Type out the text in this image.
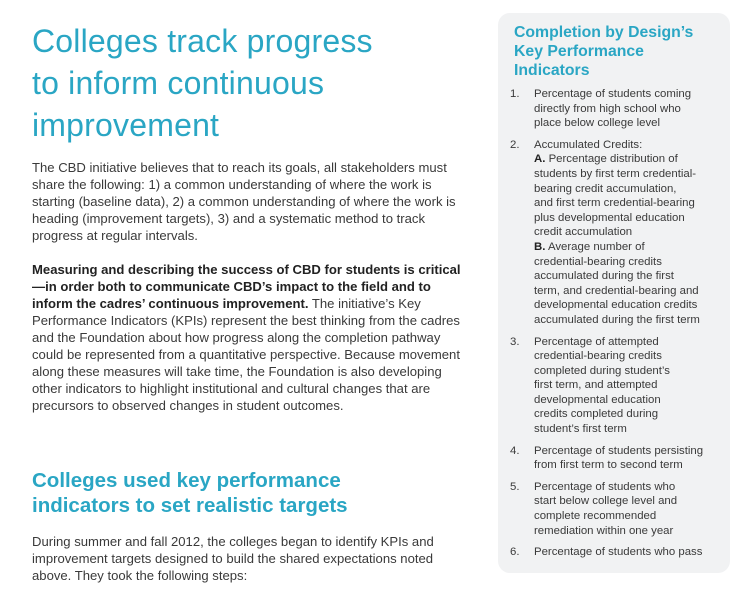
Colleges track progress
to inform continuous
improvement

The CBD initiative believes that to reach its goals, all stakeholders must share the following: 1) a common understanding of where the work is starting (baseline data), 2) a common understanding of where the work is heading (improvement targets), 3) and a systematic method to track progress at regular intervals.

Measuring and describing the success of CBD for students is critical—in order both to communicate CBD’s impact to the field and to inform the cadres’ continuous improvement. The initiative’s Key Performance Indicators (KPIs) represent the best thinking from the cadres and the Foundation about how progress along the completion pathway could be represented from a quantitative perspective. Because movement along these measures will take time, the Foundation is also developing other indicators to highlight institutional and cultural changes that are precursors to observed changes in student outcomes.

Colleges used key performance
indicators to set realistic targets

During summer and fall 2012, the colleges began to identify KPIs and improvement targets designed to build the shared expectations noted above. They took the following steps:

Completion by Design’s
Key Performance
Indicators
1.	Percentage of students coming
directly from high school who
place below college level
2.	Accumulated Credits:
A. Percentage distribution of
students by first term credential-
bearing credit accumulation,
and first term credential-bearing
plus developmental education
credit accumulation
B. Average number of
credential-bearing credits
accumulated during the first
term, and credential-bearing and
developmental education credits
accumulated during the first term
3.	Percentage of attempted
credential-bearing credits
completed during student’s
first term, and attempted
developmental education
credits completed during
student’s first term
4.	Percentage of students persisting
from first term to second term
5.	Percentage of students who
start below college level and
complete recommended
remediation within one year
6.	Percentage of students who pass
